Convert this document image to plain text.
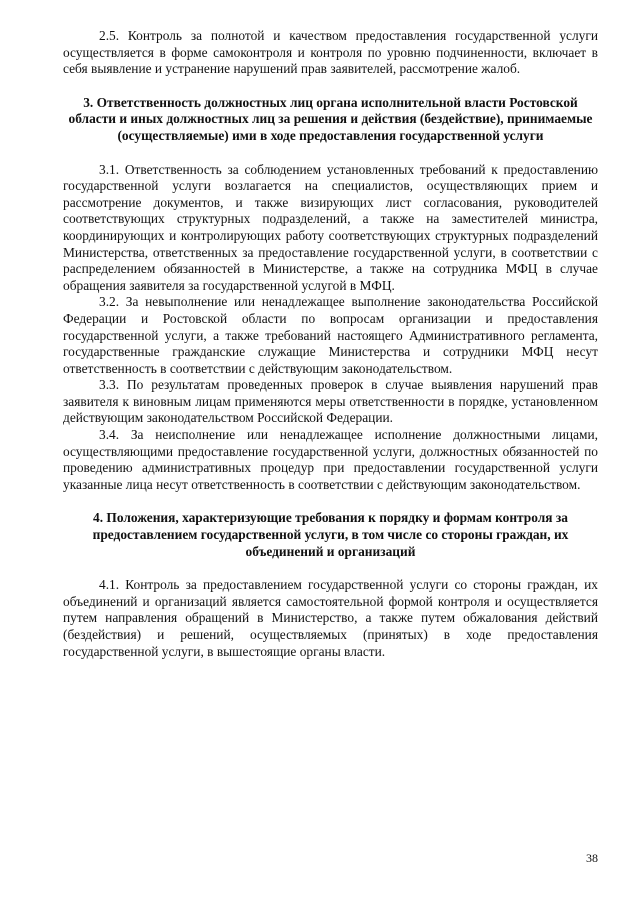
2.5. Контроль за полнотой и качеством предоставления государственной услуги осуществляется в форме самоконтроля и контроля по уровню подчиненности, включает в себя выявление и устранение нарушений прав заявителей, рассмотрение жалоб.

3. Ответственность должностных лиц органа исполнительной власти Ростовской области и иных должностных лиц за решения и действия (бездействие), принимаемые (осуществляемые) ими в ходе предоставления государственной услуги

3.1. Ответственность за соблюдением установленных требований к предоставлению государственной услуги возлагается на специалистов, осуществляющих прием и рассмотрение документов, и также визирующих лист согласования, руководителей соответствующих структурных подразделений, а также на заместителей министра, координирующих и контролирующих работу соответствующих структурных подразделений Министерства, ответственных за предоставление государственной услуги, в соответствии с распределением обязанностей в Министерстве, а также на сотрудника МФЦ в случае обращения заявителя за государственной услугой в МФЦ.

3.2. За невыполнение или ненадлежащее выполнение законодательства Российской Федерации и Ростовской области по вопросам организации и предоставления государственной услуги, а также требований настоящего Административного регламента, государственные гражданские служащие Министерства и сотрудники МФЦ несут ответственность в соответствии с действующим законодательством.

3.3. По результатам проведенных проверок в случае выявления нарушений прав заявителя к виновным лицам применяются меры ответственности в порядке, установленном действующим законодательством Российской Федерации.

3.4. За неисполнение или ненадлежащее исполнение должностными лицами, осуществляющими предоставление государственной услуги, должностных обязанностей по проведению административных процедур при предоставлении государственной услуги указанные лица несут ответственность в соответствии с действующим законодательством.

4. Положения, характеризующие требования к порядку и формам контроля за предоставлением государственной услуги, в том числе со стороны граждан, их объединений и организаций

4.1. Контроль за предоставлением государственной услуги со стороны граждан, их объединений и организаций является самостоятельной формой контроля и осуществляется путем направления обращений в Министерство, а также путем обжалования действий (бездействия) и решений, осуществляемых (принятых) в ходе предоставления государственной услуги, в вышестоящие органы власти.

38
